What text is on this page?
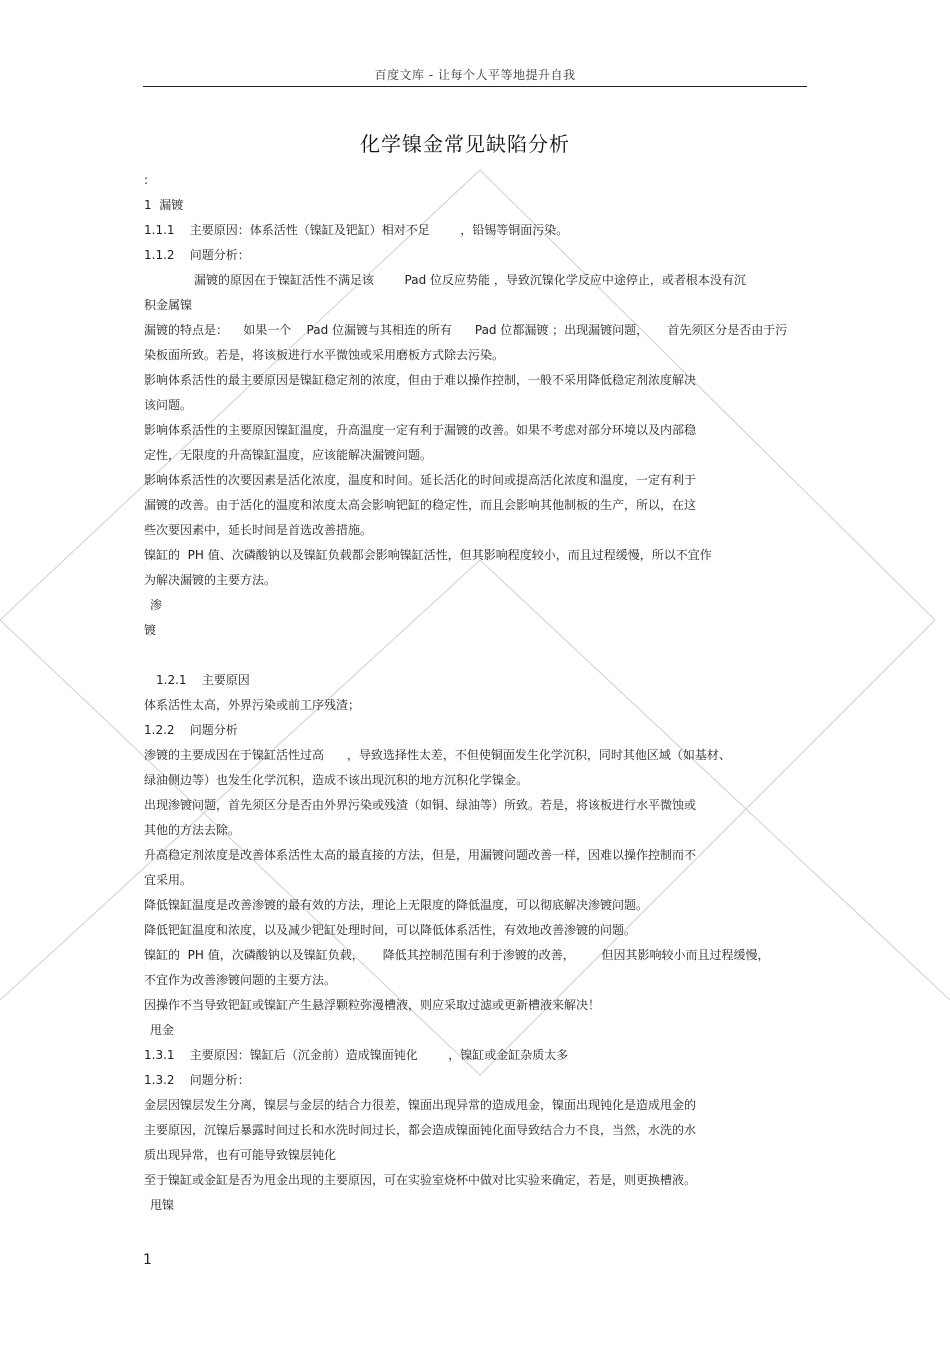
百度文库 - 让每个人平等地提升自我
化学镍金常见缺陷分析
:
1  漏镀
1.1.1    主要原因：体系活性（镍缸及钯缸）相对不足        ，铅锡等铜面污染。
1.1.2    问题分析：
漏镀的原因在于镍缸活性不满足该        Pad 位反应势能 ，导致沉镍化学反应中途停止，或者根本没有沉
积金属镍
漏镀的特点是：    如果一个    Pad 位漏镀与其相连的所有      Pad 位都漏镀 ；出现漏镀问题，     首先须区分是否由于污
染板面所致。若是，将该板进行水平微蚀或采用磨板方式除去污染。
影响体系活性的最主要原因是镍缸稳定剂的浓度，但由于难以操作控制，一般不采用降低稳定剂浓度解决
该问题。
影响体系活性的主要原因镍缸温度，升高温度一定有利于漏镀的改善。如果不考虑对部分环境以及内部稳
定性，无限度的升高镍缸温度，应该能解决漏镀问题。
影响体系活性的次要因素是活化浓度，温度和时间。延长活化的时间或提高活化浓度和温度，一定有利于
漏镀的改善。由于活化的温度和浓度太高会影响钯缸的稳定性，而且会影响其他制板的生产，所以，在这
些次要因素中，延长时间是首选改善措施。
镍缸的  PH 值、次磷酸钠以及镍缸负载都会影响镍缸活性，但其影响程度较小，而且过程缓慢，所以不宜作
为解决漏镀的主要方法。
渗
镀
1.2.1    主要原因
体系活性太高，外界污染或前工序残渣；
1.2.2    问题分析
渗镀的主要成因在于镍缸活性过高      ，导致选择性太差，不但使铜面发生化学沉积，同时其他区域（如基材、
绿油侧边等）也发生化学沉积，造成不该出现沉积的地方沉积化学镍金。
出现渗镀问题，首先须区分是否由外界污染或残渣（如铜、绿油等）所致。若是，将该板进行水平微蚀或
其他的方法去除。
升高稳定剂浓度是改善体系活性太高的最直接的方法，但是，用漏镀问题改善一样，因难以操作控制而不
宜采用。
降低镍缸温度是改善渗镀的最有效的方法，理论上无限度的降低温度，可以彻底解决渗镀问题。
降低钯缸温度和浓度，以及减少钯缸处理时间，可以降低体系活性，有效地改善渗镀的问题。
镍缸的  PH 值，次磷酸钠以及镍缸负载，     降低其控制范围有利于渗镀的改善，       但因其影响较小而且过程缓慢，
不宜作为改善渗镀问题的主要方法。
因操作不当导致钯缸或镍缸产生悬浮颗粒弥漫槽液，则应采取过滤或更新槽液来解决！
甩金
1.3.1    主要原因：镍缸后（沉金前）造成镍面钝化        ，镍缸或金缸杂质太多
1.3.2    问题分析：
金层因镍层发生分离，镍层与金层的结合力很差，镍面出现异常的造成甩金，镍面出现钝化是造成甩金的
主要原因，沉镍后暴露时间过长和水洗时间过长，都会造成镍面钝化面导致结合力不良，当然，水洗的水
质出现异常，也有可能导致镍层钝化
至于镍缸或金缸是否为甩金出现的主要原因，可在实验室烧杯中做对比实验来确定，若是，则更换槽液。
甩镍
1
